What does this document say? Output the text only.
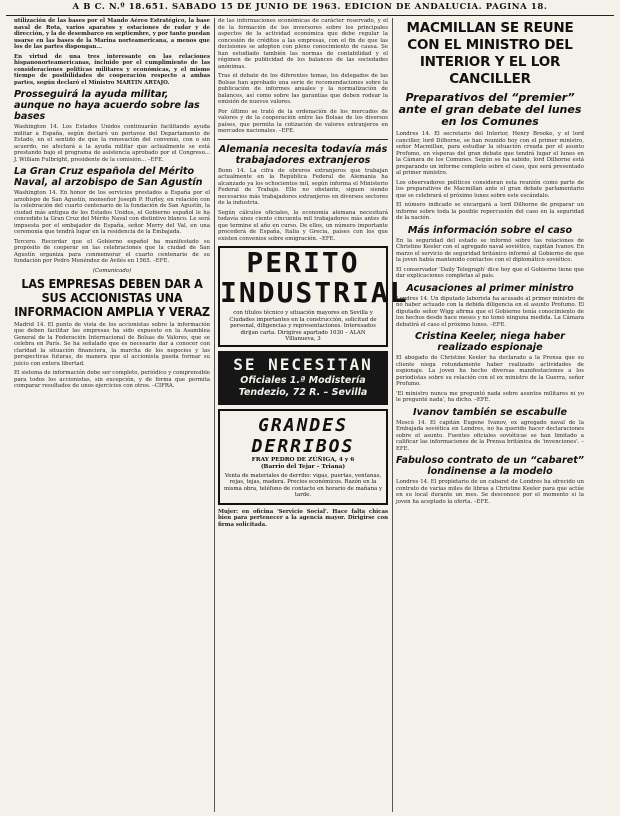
A B C. N.º 18.651. SABADO 15 DE JUNIO DE 1963. EDICION DE ANDALUCIA. PAGINA 18.

utilización de las bases por el Mando Aéreo Estratégico, la base naval de Rota, varios aparatos y estaciones de radar y de dirección, y la de desembarco en septiembre, y por tanto puedan usarse en las bases de la Marina norteamericana, a menos que los de las partes dispongan...

En virtud de una tres interesante en las relaciones hispanonorteamericanas, incluido por el cumplimiento de las consideraciones políticas militares y económicas, y el mismo tiempo de posibilidades de cooperación respecto a ambas partes, según declaró el Ministro MARTIN ARTAJO.

Prosseguirá la ayuda militar, aunque no haya acuerdo sobre las bases

Washington 14. Los Estados Unidos continuarán facilitando ayuda militar a España, según declaró un portavoz del Departamento de Estado, en el sentido de que la renovación del convenio, con o sin acuerdo, no afectará a la ayuda militar que actualmente se está prestando bajo el programa de asistencia aprobado por el Congreso... J. William Fulbright, presidente de la comisión... –EFE.

La Gran Cruz española del Mérito Naval, al arzobispo de San Agustín

Washington 14. En honor de los servicios prestados a España por el arzobispo de San Agustín, monseñor Joseph P. Hurley, en relación con la celebración del cuarto centenario de la fundación de San Agustín, la ciudad más antigua de los Estados Unidos, el Gobierno español le ha concedido la Gran Cruz del Mérito Naval con distintivo blanco. Le será impuesta por el embajador de España, señor Merry del Val, en una ceremonia que tendrá lugar en la residencia de la Embajada.

Tercero. Recordar que el Gobierno español ha manifestado su propósito de cooperar en las celebraciones que la ciudad de San Agustín organiza para conmemorar el cuarto centenario de su fundación por Pedro Menéndez de Avilés en 1565. –EFE.

(Comunicado)
LAS EMPRESAS DEBEN DAR A SUS ACCIONISTAS UNA INFORMACION AMPLIA Y VERAZ

Madrid 14. El punto de vista de los accionistas sobre la información que deben facilitar las empresas ha sido expuesto en la Asamblea General de la Federación Internacional de Bolsas de Valores, que se celebra en París. Se ha señalado que es necesario dar a conocer con claridad la situación financiera, la marcha de los negocios y las perspectivas futuras, de manera que el accionista pueda formar su juicio con entera libertad.

El sistema de información debe ser completo, periódico y comprensible para todos los accionistas, sin excepción, y de forma que permita comparar resultados de unos ejercicios con otros. –CIFRA.

de las informaciones económicas de carácter reservado, y el de la formación de los inversores sobre los principales aspectos de la actividad económica que debe regular la concesión de créditos a las empresas, con el fin de que las decisiones se adopten con pleno conocimiento de causa. Se han estudiado también las normas de contabilidad y el régimen de publicidad de los balances de las sociedades anónimas.

Tras el debate de los diferentes temas, los delegados de las Bolsas han aprobado una serie de recomendaciones sobre la publicación de informes anuales y la normalización de balances, así como sobre las garantías que deben rodear la emisión de nuevos valores.

Por último se trató de la ordenación de los mercados de valores y de la cooperación entre las Bolsas de los diversos países, que permita la cotización de valores extranjeros en mercados nacionales. –EFE.

Alemania necesita todavía más trabajadores extranjeros

Bonn 14. La cifra de obreros extranjeros que trabajan actualmente en la República Federal de Alemania ha alcanzado ya los ochocientos mil, según informa el Ministerio Federal de Trabajo. Ello no obstante, siguen siendo necesarios más trabajadores extranjeros en diversos sectores de la industria.

Según cálculos oficiales, la economía alemana necesitará todavía unos ciento cincuenta mil trabajadores más antes de que termine el año en curso. De ellos, un número importante procederá de España, Italia y Grecia, países con los que existen convenios sobre emigración. –EFE.

PERITO
INDUSTRIAL
con títulos técnico y situación mayores en Sevilla y Ciudades importantes en la construcción, solicitud de personal, diligencias y representaciones. Interesados dirijan carta. Dirigirse apartado 1030 – ALAN Villanueva, 3
SE NECESITAN
Oficiales 1.ª Modistería
Tendezio, 72 R. – Sevilla
GRANDES DERRIBOS
FRAY PEDRO DE ZÚÑIGA, 4 y 6
(Barrio del Tejar – Triana)
Venta de materiales de derribo: vigas, puertas, ventanas, rejas, tejas, madera. Precios económicos. Razón en la misma obra, teléfono de contacto en horario de mañana y tarde.

Mujer: en oficina 'Servicio Social'. Hace falta chicas bien para pertenecer a la agencia mayor. Dirigirse con firma solicitada.

MACMILLAN SE REUNE CON EL MINISTRO DEL INTERIOR Y EL LOR CANCILLER
Preparativos del “premier” ante el gran debate del lunes en los Comunes

Londres 14. El secretario del Interior, Henry Brooke, y el lord canciller, lord Dilhorne, se han reunido hoy con el primer ministro, señor Macmillan, para estudiar la situación creada por el asunto Profumo, en vísperas del gran debate que tendrá lugar el lunes en la Cámara de los Comunes. Según se ha sabido, lord Dilhorne está preparando un informe completo sobre el caso, que será presentado al primer ministro.

Los observadores políticos consideran esta reunión como parte de los preparativos de Macmillan ante el gran debate parlamentario que se celebrará el próximo lunes sobre este escándalo.

El número indicado se encargará a lord Dilhorne de preparar un informe sobre toda la posible repercusión del caso en la seguridad de la nación.

Más información sobre el caso

En la seguridad del estado se informó sobre las relaciones de Christine Keeler con el agregado naval soviético, capitán Ivanov. En marzo el servicio de seguridad británico informó al Gobierno de que la joven había mantenido contactos con el diplomático soviético.

El conservador 'Daily Telegraph' dice hoy que el Gobierno tiene que dar explicaciones completas al país.

Acusaciones al primer ministro

Londres 14. Un diputado laborista ha acusado al primer ministro de no haber actuado con la debida diligencia en el asunto Profumo. El diputado señor Wigg afirma que el Gobierno tenía conocimiento de los hechos desde hace meses y no tomó ninguna medida. La Cámara debatirá el caso el próximo lunes. –EFE.

Cristina Keeler, niega haber realizado espionaje

El abogado de Christine Keeler ha declarado a la Prensa que su cliente niega rotundamente haber realizado actividades de espionaje. La joven ha hecho diversas manifestaciones a los periodistas sobre su relación con el ex ministro de la Guerra, señor Profumo.

'El ministro nunca me preguntó nada sobre asuntos militares ni yo le pregunté nada', ha dicho. –EFE.

Ivanov también se escabulle

Moscú 14. El capitán Eugene Ivanov, ex agregado naval de la Embajada soviética en Londres, no ha querido hacer declaraciones sobre el asunto. Fuentes oficiales soviéticas se han limitado a calificar las informaciones de la Prensa británica de 'invenciones'. –EFE.

Fabuloso contrato de un “cabaret” londinense a la modelo

Londres 14. El propietario de un cabaret de Londres ha ofrecido un contrato de varias miles de libras a Christine Keeler para que actúe en su local durante un mes. Se desconoce por el momento si la joven ha aceptado la oferta. –EFE.
